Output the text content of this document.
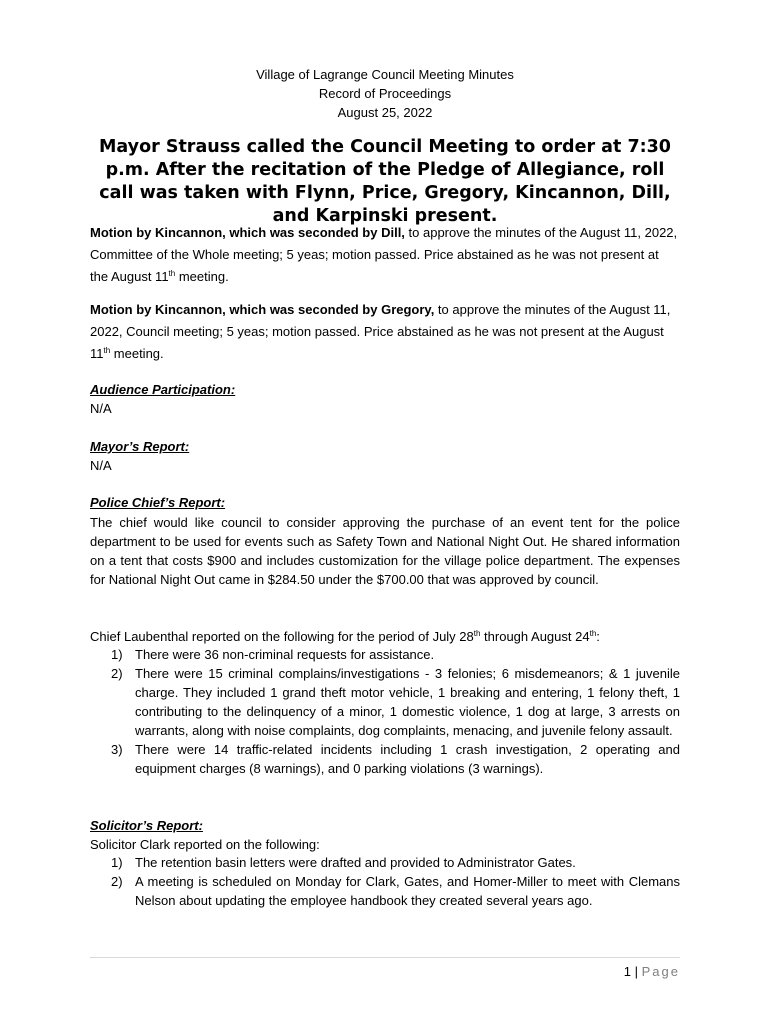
Village of Lagrange Council Meeting Minutes
Record of Proceedings
August 25, 2022
Mayor Strauss called the Council Meeting to order at 7:30 p.m. After the recitation of the Pledge of Allegiance, roll call was taken with Flynn, Price, Gregory, Kincannon, Dill, and Karpinski present.
Motion by Kincannon, which was seconded by Dill, to approve the minutes of the August 11, 2022, Committee of the Whole meeting; 5 yeas; motion passed. Price abstained as he was not present at the August 11th meeting.
Motion by Kincannon, which was seconded by Gregory, to approve the minutes of the August 11, 2022, Council meeting; 5 yeas; motion passed. Price abstained as he was not present at the August 11th meeting.
Audience Participation:
N/A
Mayor’s Report:
N/A
Police Chief’s Report:
The chief would like council to consider approving the purchase of an event tent for the police department to be used for events such as Safety Town and National Night Out. He shared information on a tent that costs $900 and includes customization for the village police department. The expenses for National Night Out came in $284.50 under the $700.00 that was approved by council.
Chief Laubenthal reported on the following for the period of July 28th through August 24th:
1) There were 36 non-criminal requests for assistance.
2) There were 15 criminal complains/investigations - 3 felonies; 6 misdemeanors; & 1 juvenile charge. They included 1 grand theft motor vehicle, 1 breaking and entering, 1 felony theft, 1 contributing to the delinquency of a minor, 1 domestic violence, 1 dog at large, 3 arrests on warrants, along with noise complaints, dog complaints, menacing, and juvenile felony assault.
3) There were 14 traffic-related incidents including 1 crash investigation, 2 operating and equipment charges (8 warnings), and 0 parking violations (3 warnings).
Solicitor’s Report:
Solicitor Clark reported on the following:
1) The retention basin letters were drafted and provided to Administrator Gates.
2) A meeting is scheduled on Monday for Clark, Gates, and Homer-Miller to meet with Clemans Nelson about updating the employee handbook they created several years ago.
1 | Page
